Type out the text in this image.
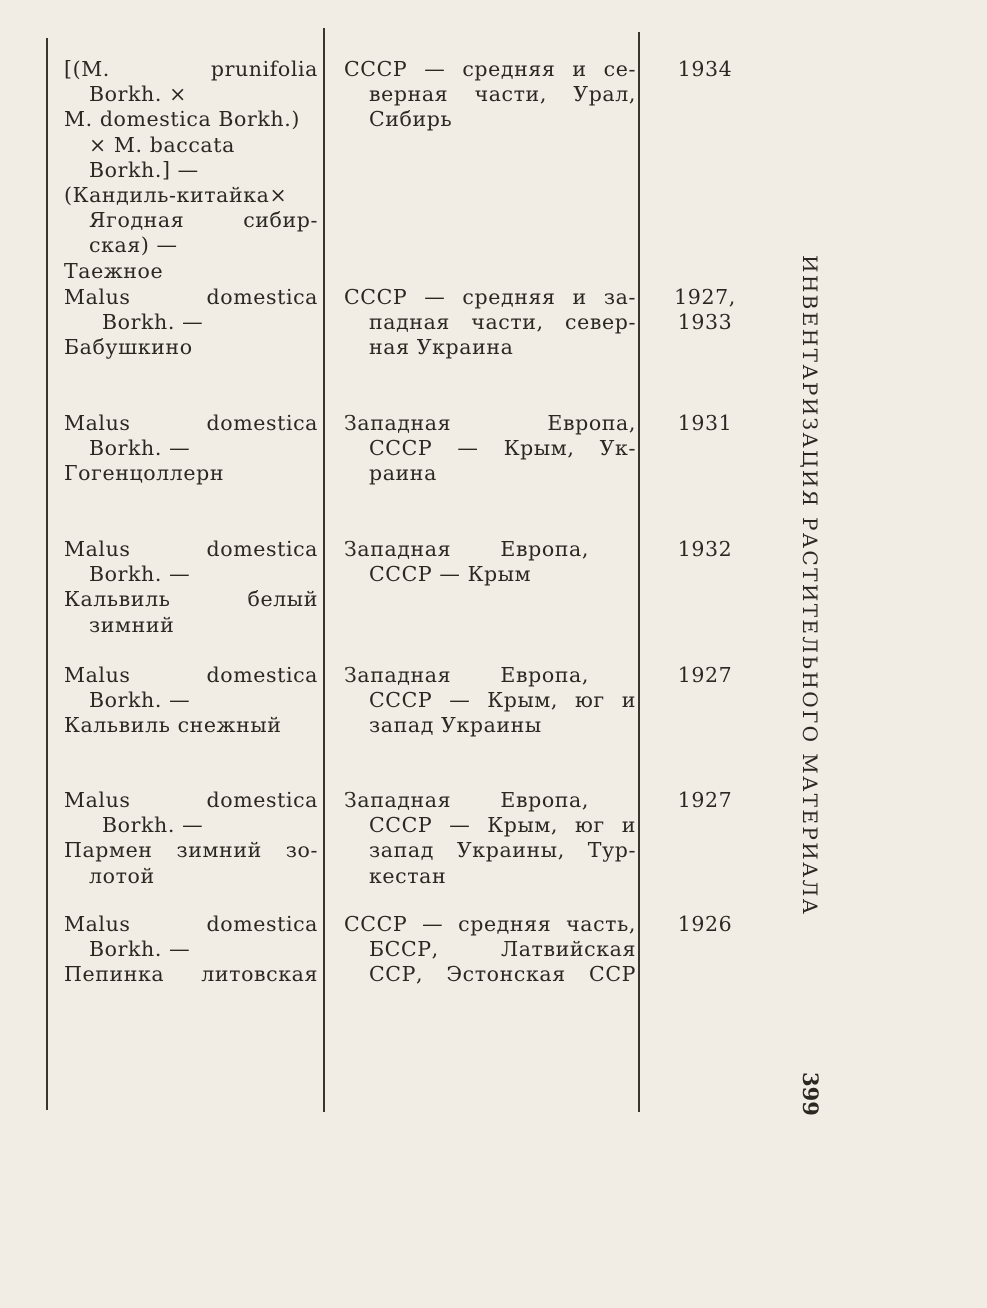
[(M. prunifolia
Borkh. ×
M. domestica Borkh.)
× M. baccata
Borkh.] —
(Кандиль-китайка×
Ягодная сибир-
ская) —
Таежное
СССР — средняя и се-
верная части, Урал,
Сибирь
1934
Malus domestica
Borkh. —
Бабушкино
СССР — средняя и за-
падная части, север-
ная Украина
1927, 1933
Malus domestica
Borkh. —
Гогенцоллерн
Западная Европа,
СССР — Крым, Ук-
раина
1931
Malus domestica
Borkh. —
Кальвиль белый
зимний
Западная Европа,
СССР — Крым
1932
Malus domestica
Borkh. —
Кальвиль снежный
Западная Европа,
СССР — Крым, юг и
запад Украины
1927
Malus domestica
Borkh. —
Пармен зимний зо-
лотой
Западная Европа,
СССР — Крым, юг и
запад Украины, Тур-
кестан
1927
Malus domestica
Borkh. —
Пепинка литовская
СССР — средняя часть,
БССР, Латвийская
ССР, Эстонская ССР
1926
ИНВЕНТАРИЗАЦИЯ РАСТИТЕЛЬНОГО МАТЕРИАЛА
399
